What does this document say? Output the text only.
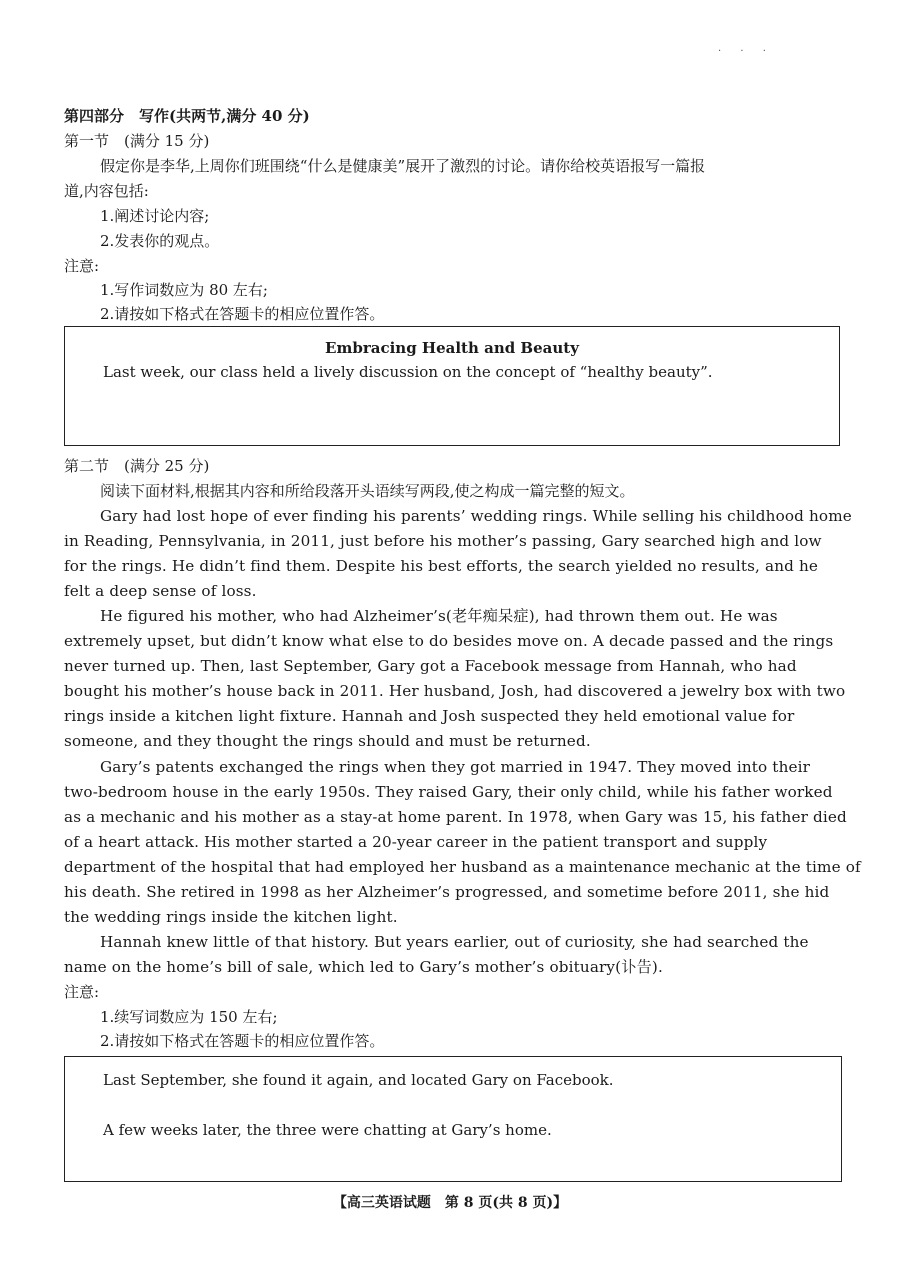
· · ·
第四部分　写作(共两节,满分 40 分)
第一节　(满分 15 分)
假定你是李华,上周你们班围绕“什么是健康美”展开了激烈的讨论。请你给校英语报写一篇报
道,内容包括:
1.阐述讨论内容;
2.发表你的观点。
注意:
1.写作词数应为 80 左右;
2.请按如下格式在答题卡的相应位置作答。
Embracing Health and Beauty
Last week, our class held a lively discussion on the concept of “healthy beauty”.
第二节　(满分 25 分)
阅读下面材料,根据其内容和所给段落开头语续写两段,使之构成一篇完整的短文。
Gary had lost hope of ever finding his parents’ wedding rings. While selling his childhood home
in Reading, Pennsylvania, in 2011, just before his mother’s passing, Gary searched high and low
for the rings. He didn’t find them. Despite his best efforts, the search yielded no results, and he
felt a deep sense of loss.
He figured his mother, who had Alzheimer’s(老年痴呆症), had thrown them out. He was
extremely upset, but didn’t know what else to do besides move on. A decade passed and the rings
never turned up. Then, last September, Gary got a Facebook message from Hannah, who had
bought his mother’s house back in 2011. Her husband, Josh, had discovered a jewelry box with two
rings inside a kitchen light fixture. Hannah and Josh suspected they held emotional value for
someone, and they thought the rings should and must be returned.
Gary’s patents exchanged the rings when they got married in 1947. They moved into their
two-bedroom house in the early 1950s. They raised Gary, their only child, while his father worked
as a mechanic and his mother as a stay-at home parent. In 1978, when Gary was 15, his father died
of a heart attack. His mother started a 20-year career in the patient transport and supply
department of the hospital that had employed her husband as a maintenance mechanic at the time of
his death. She retired in 1998 as her Alzheimer’s progressed, and sometime before 2011, she hid
the wedding rings inside the kitchen light.
Hannah knew little of that history. But years earlier, out of curiosity, she had searched the
name on the home’s bill of sale, which led to Gary’s mother’s obituary(讣告).
注意:
1.续写词数应为 150 左右;
2.请按如下格式在答题卡的相应位置作答。
Last September, she found it again, and located Gary on Facebook.
A few weeks later, the three were chatting at Gary’s home.
【高三英语试题　第 8 页(共 8 页)】
